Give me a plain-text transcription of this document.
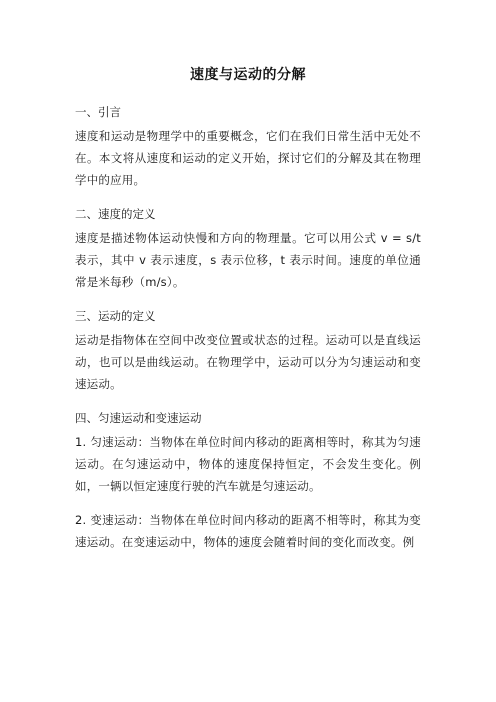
速度与运动的分解
一、引言

速度和运动是物理学中的重要概念，它们在我们日常生活中无处不在。本文将从速度和运动的定义开始，探讨它们的分解及其在物理学中的应用。

二、速度的定义

速度是描述物体运动快慢和方向的物理量。它可以用公式 v = s/t 表示，其中 v 表示速度，s 表示位移，t 表示时间。速度的单位通常是米每秒（m/s）。

三、运动的定义

运动是指物体在空间中改变位置或状态的过程。运动可以是直线运动，也可以是曲线运动。在物理学中，运动可以分为匀速运动和变速运动。

四、匀速运动和变速运动

1. 匀速运动：当物体在单位时间内移动的距离相等时，称其为匀速运动。在匀速运动中，物体的速度保持恒定，不会发生变化。例如，一辆以恒定速度行驶的汽车就是匀速运动。

2. 变速运动：当物体在单位时间内移动的距离不相等时，称其为变速运动。在变速运动中，物体的速度会随着时间的变化而改变。例
